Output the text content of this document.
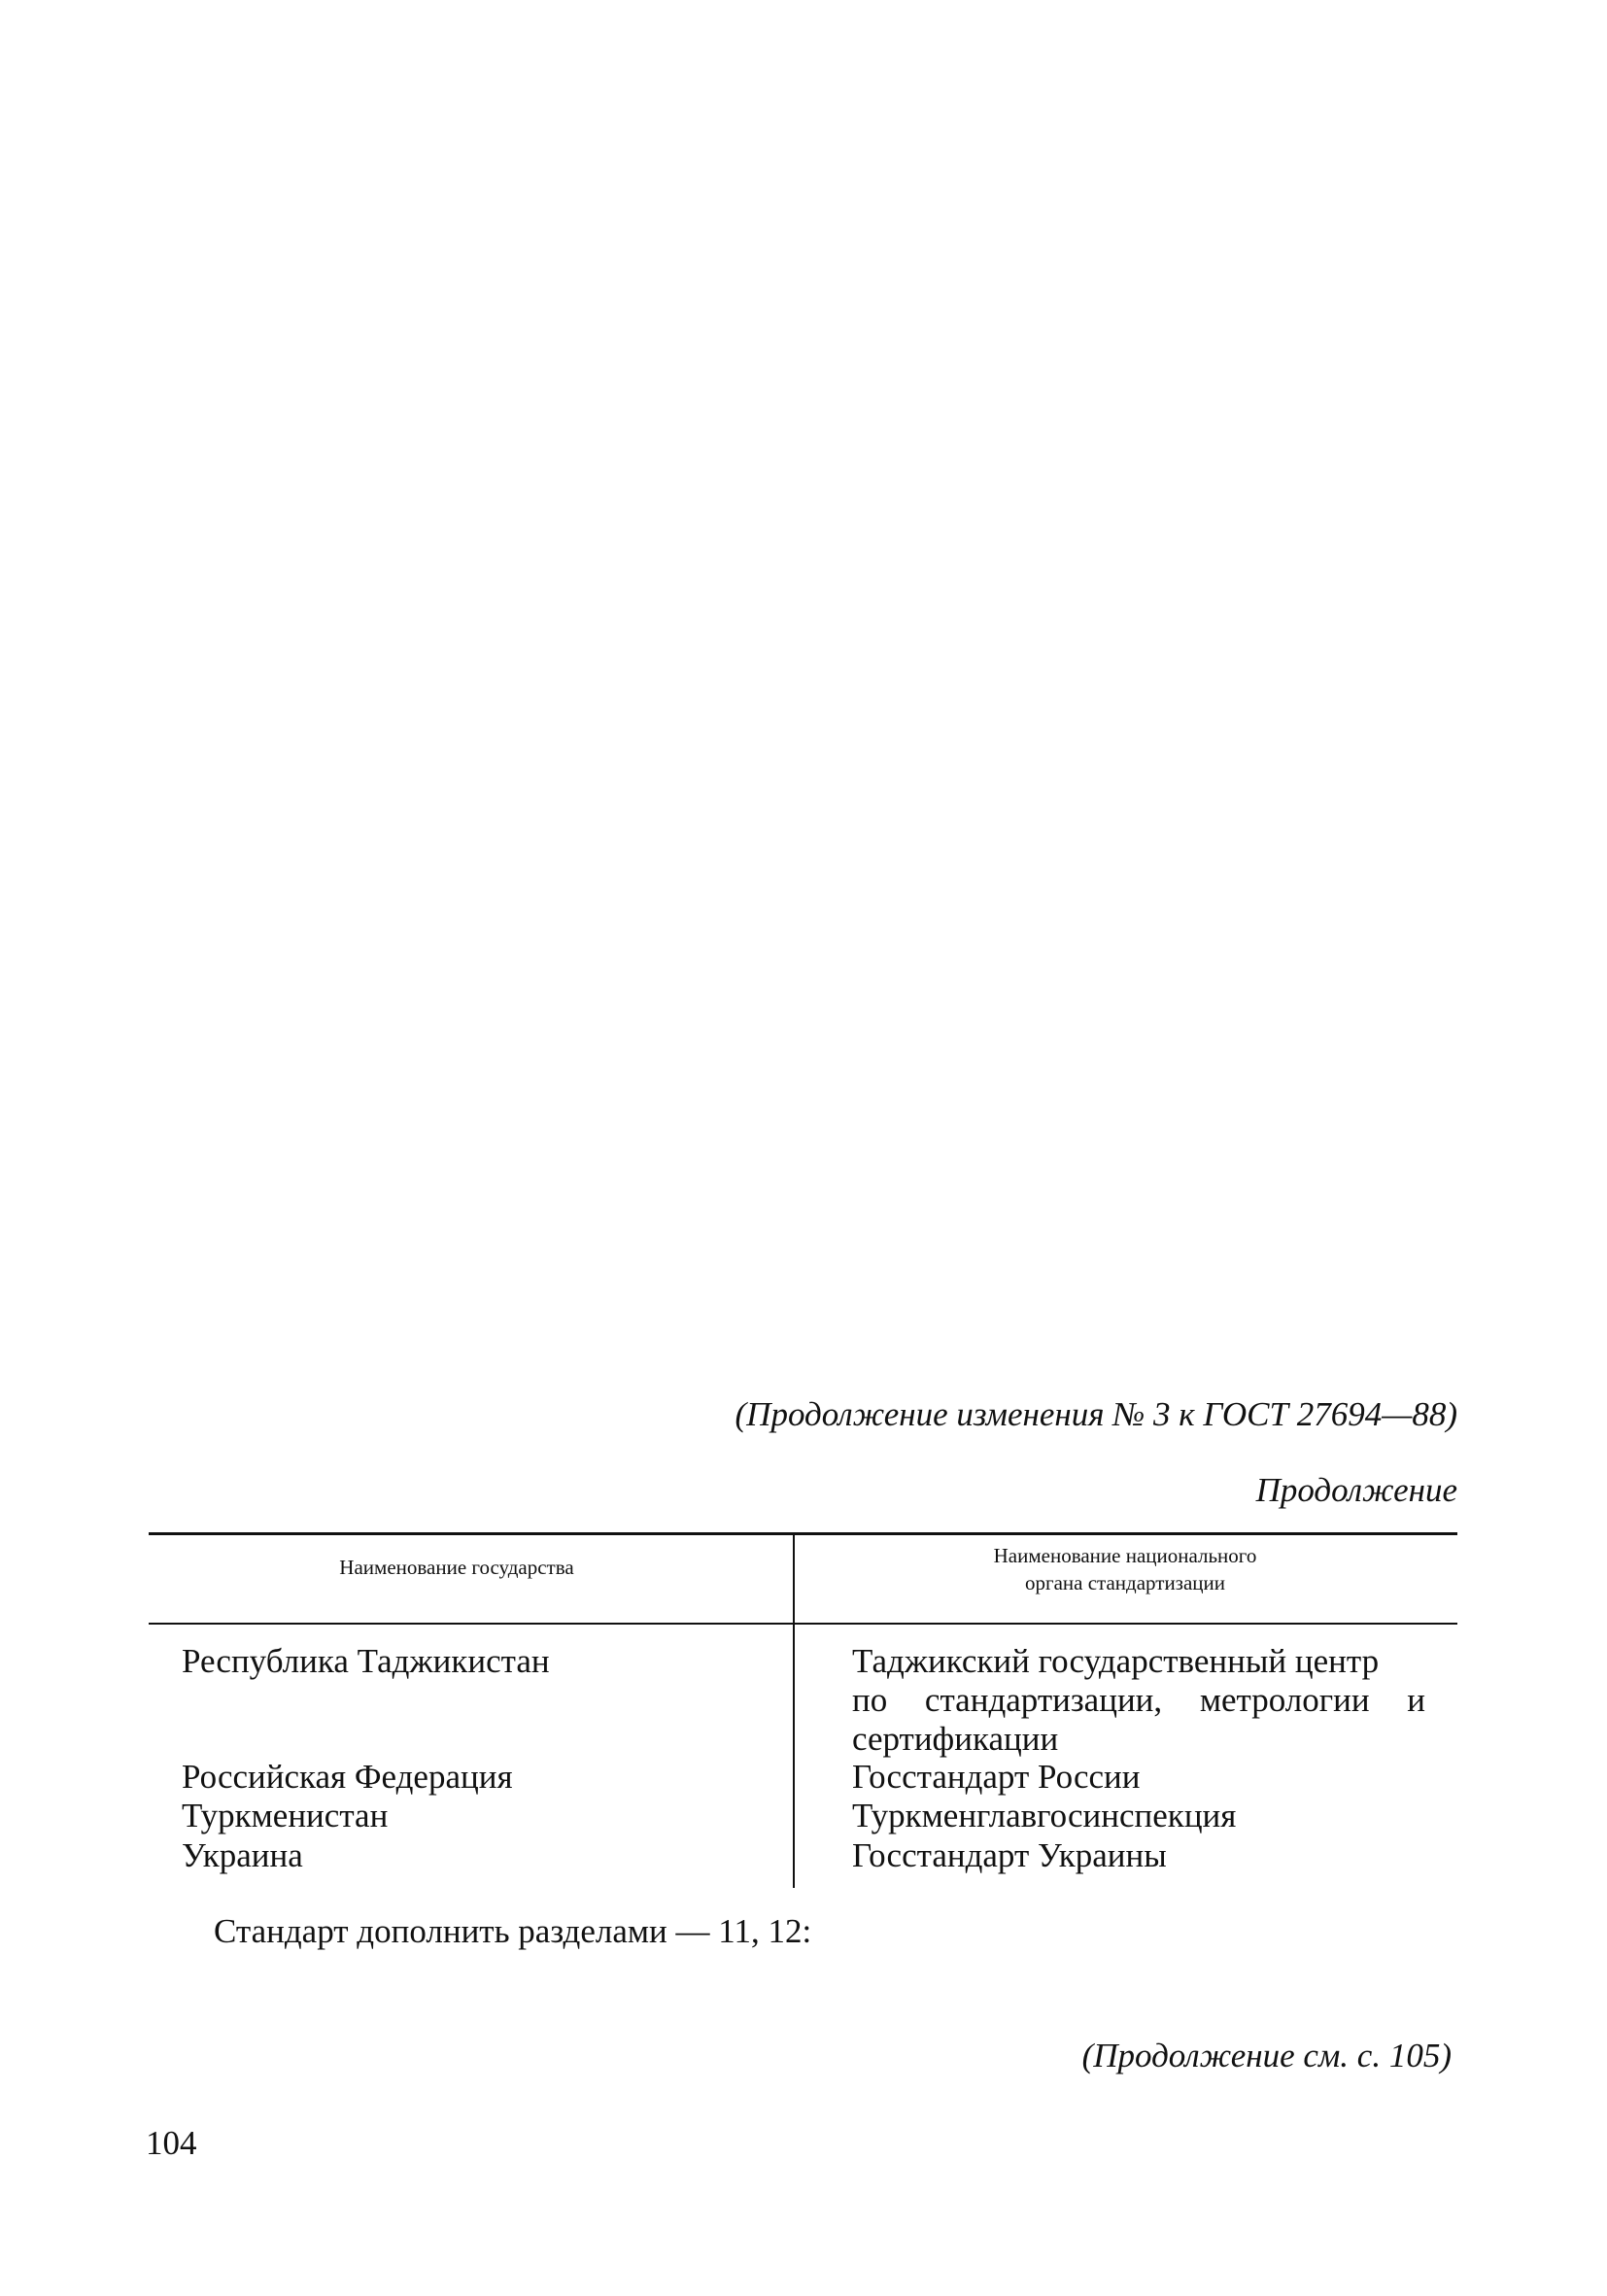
(Продолжение изменения № 3 к ГОСТ 27694—88)
Продолжение
Наименование государства	Наименование национального
органа стандартизации
Республика Таджикистан	Таджикский государственный центр
по стандартизации, метрологии и
сертификации
Российская Федерация	Госстандарт России
Туркменистан	Туркменглавгосинспекция
Украина	Госстандарт Украины
Стандарт дополнить разделами — 11, 12:
(Продолжение см. с. 105)
104
